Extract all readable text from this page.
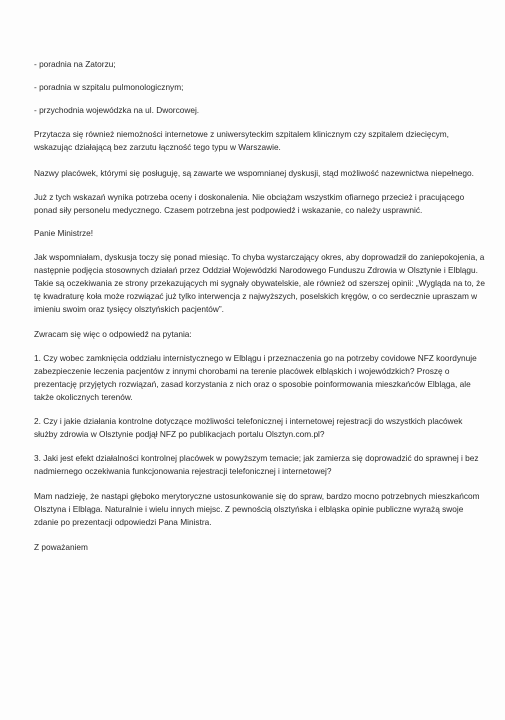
- poradnia na Zatorzu;
- poradnia w szpitalu pulmonologicznym;
- przychodnia wojewódzka na ul. Dworcowej.
Przytacza się również niemożności internetowe z uniwersyteckim szpitalem klinicznym czy szpitalem dziecięcym,
wskazując działającą bez zarzutu łączność tego typu w Warszawie.
Nazwy placówek, którymi się posługuję, są zawarte we wspomnianej dyskusji, stąd możliwość nazewnictwa niepełnego.
Już z tych wskazań wynika potrzeba oceny i doskonalenia. Nie obciążam wszystkim ofiarnego przecież i pracującego
ponad siły personelu medycznego. Czasem potrzebna jest podpowiedź i wskazanie, co należy usprawnić.
Panie Ministrze!
Jak wspomniałam, dyskusja toczy się ponad miesiąc. To chyba wystarczający okres, aby doprowadził do zaniepokojenia, a
następnie podjęcia stosownych działań przez Oddział Wojewódzki Narodowego Funduszu Zdrowia w Olsztynie i Elblągu.
Takie są oczekiwania ze strony przekazujących mi sygnały obywatelskie, ale również od szerszej opinii: „Wygląda na to, że
tę kwadraturę koła może rozwiązać już tylko interwencja z najwyższych, poselskich kręgów, o co serdecznie upraszam w
imieniu swoim oraz tysięcy olsztyńskich pacjentów”.
Zwracam się więc o odpowiedź na pytania:
1. Czy wobec zamknięcia oddziału internistycznego w Elblągu i przeznaczenia go na potrzeby covidowe NFZ koordynuje
zabezpieczenie leczenia pacjentów z innymi chorobami na terenie placówek elbląskich i wojewódzkich? Proszę o
prezentację przyjętych rozwiązań, zasad korzystania z nich oraz o sposobie poinformowania mieszkańców Elbląga, ale
także okolicznych terenów.
2. Czy i jakie działania kontrolne dotyczące możliwości telefonicznej i internetowej rejestracji do wszystkich placówek
służby zdrowia w Olsztynie podjął NFZ po publikacjach portalu Olsztyn.com.pl?
3. Jaki jest efekt działalności kontrolnej placówek w powyższym temacie; jak zamierza się doprowadzić do sprawnej i bez
nadmiernego oczekiwania funkcjonowania rejestracji telefonicznej i internetowej?
Mam nadzieję, że nastąpi głęboko merytoryczne ustosunkowanie się do spraw, bardzo mocno potrzebnych mieszkańcom
Olsztyna i Elbląga. Naturalnie i wielu innych miejsc. Z pewnością olsztyńska i elbląska opinie publiczne wyrażą swoje
zdanie po prezentacji odpowiedzi Pana Ministra.
Z poważaniem
